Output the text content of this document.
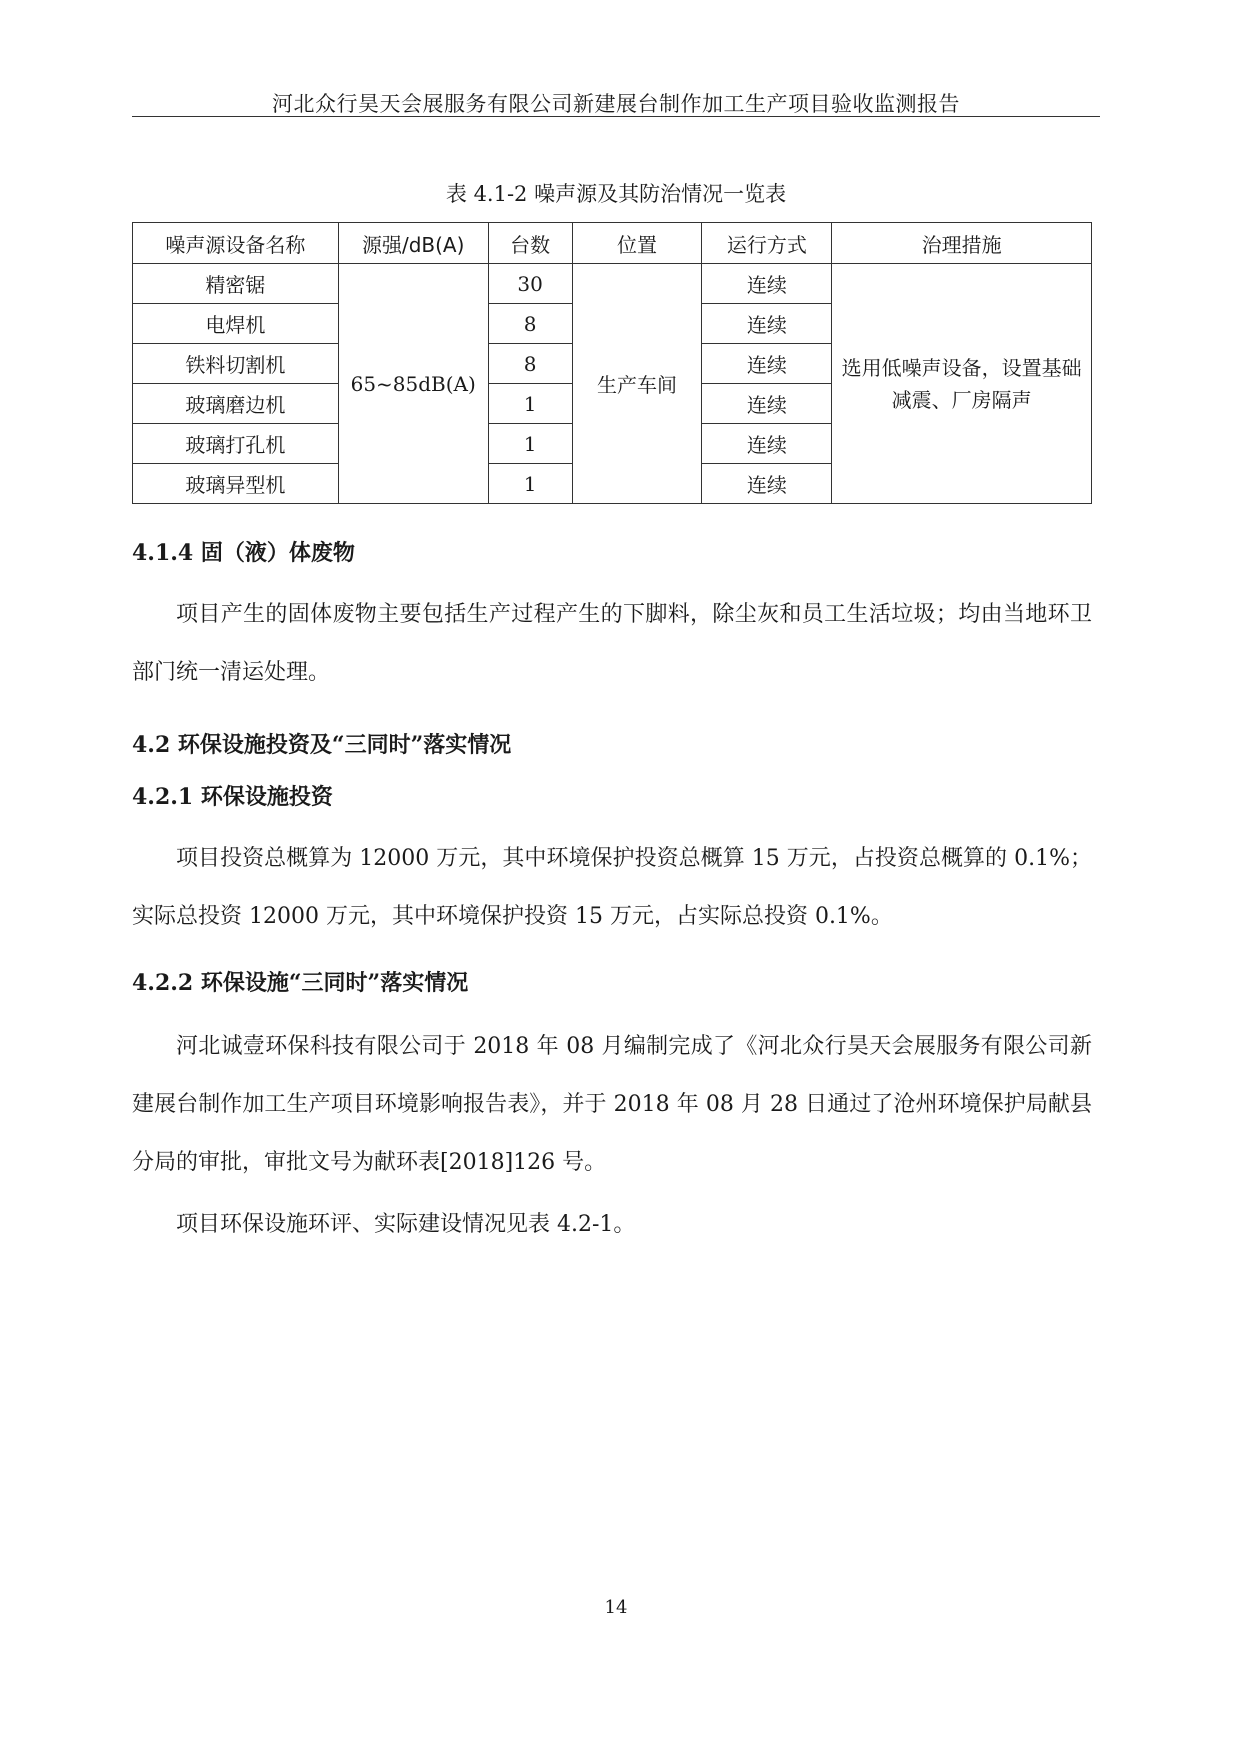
河北众行昊天会展服务有限公司新建展台制作加工生产项目验收监测报告
表 4.1-2 噪声源及其防治情况一览表
噪声源设备名称	源强/dB(A)	台数	位置	运行方式	治理措施
精密锯	65~85dB(A)	30	生产车间	连续	选用低噪声设备，设置基础减震、厂房隔声
电焊机		8		连续	
铁料切割机		8		连续	
玻璃磨边机		1		连续	
玻璃打孔机		1		连续	
玻璃异型机		1		连续	
4.1.4 固（液）体废物
项目产生的固体废物主要包括生产过程产生的下脚料，除尘灰和员工生活垃圾；均由当地环卫部门统一清运处理。
4.2 环保设施投资及“三同时”落实情况
4.2.1 环保设施投资
项目投资总概算为 12000 万元，其中环境保护投资总概算 15 万元，占投资总概算的 0.1%；实际总投资 12000 万元，其中环境保护投资 15 万元，占实际总投资 0.1%。
4.2.2 环保设施“三同时”落实情况
河北诚壹环保科技有限公司于 2018 年 08 月编制完成了《河北众行昊天会展服务有限公司新建展台制作加工生产项目环境影响报告表》，并于 2018 年 08 月 28 日通过了沧州环境保护局献县分局的审批，审批文号为献环表[2018]126 号。
项目环保设施环评、实际建设情况见表 4.2-1。
14
